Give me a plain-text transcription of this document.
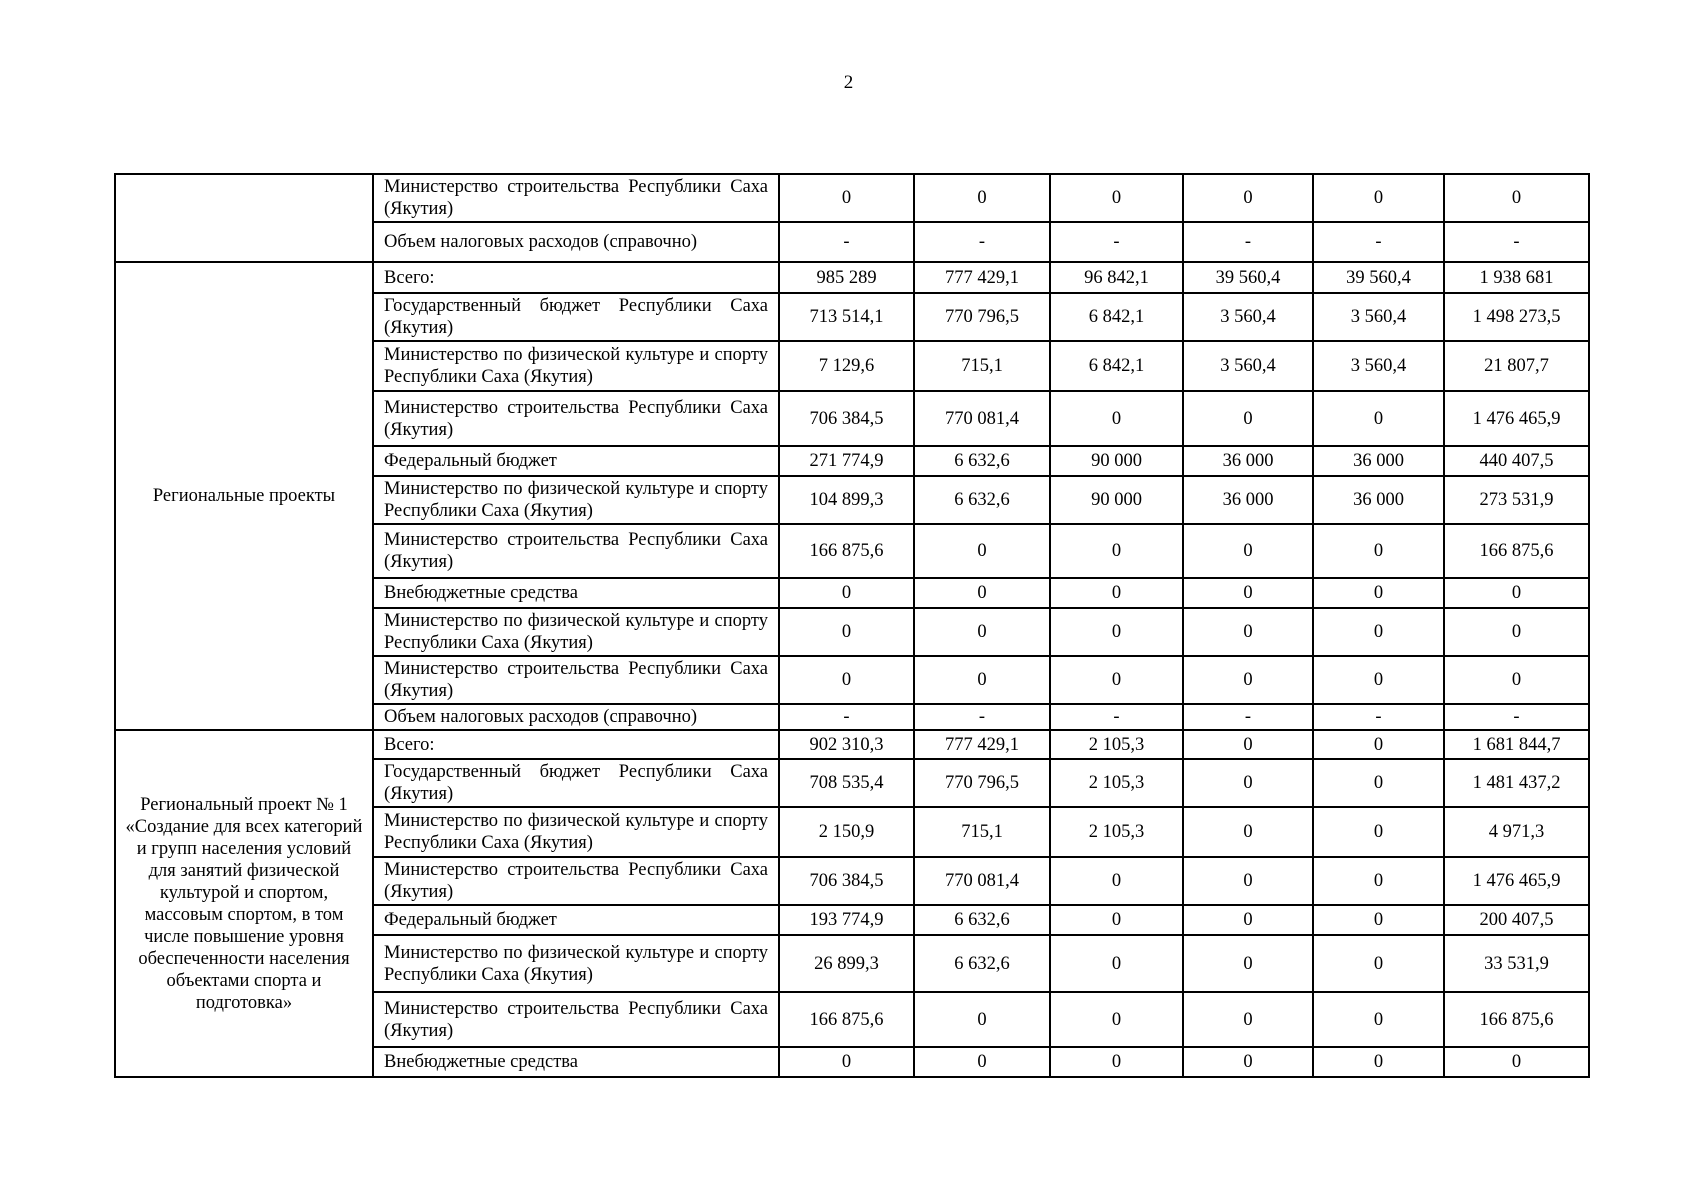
2
	Министерство строительства Республики Саха (Якутия)	0	0	0	0	0	0
	Объем налоговых расходов (справочно)	-	-	-	-	-	-
Региональные проекты	Всего:	985 289	777 429,1	96 842,1	39 560,4	39 560,4	1 938 681
	Государственный бюджет Республики Саха (Якутия)	713 514,1	770 796,5	6 842,1	3 560,4	3 560,4	1 498 273,5
	Министерство по физической культуре и спорту Республики Саха (Якутия)	7 129,6	715,1	6 842,1	3 560,4	3 560,4	21 807,7
	Министерство строительства Республики Саха (Якутия)	706 384,5	770 081,4	0	0	0	1 476 465,9
	Федеральный бюджет	271 774,9	6 632,6	90 000	36 000	36 000	440 407,5
	Министерство по физической культуре и спорту Республики Саха (Якутия)	104 899,3	6 632,6	90 000	36 000	36 000	273 531,9
	Министерство строительства Республики Саха (Якутия)	166 875,6	0	0	0	0	166 875,6
	Внебюджетные средства	0	0	0	0	0	0
	Министерство по физической культуре и спорту Республики Саха (Якутия)	0	0	0	0	0	0
	Министерство строительства Республики Саха (Якутия)	0	0	0	0	0	0
	Объем налоговых расходов (справочно)	-	-	-	-	-	-
Региональный проект № 1 «Создание для всех категорий и групп населения условий для занятий физической культурой и спортом, массовым спортом, в том числе повышение уровня обеспеченности населения объектами спорта и подготовка»	Всего:	902 310,3	777 429,1	2 105,3	0	0	1 681 844,7
	Государственный бюджет Республики Саха (Якутия)	708 535,4	770 796,5	2 105,3	0	0	1 481 437,2
	Министерство по физической культуре и спорту Республики Саха (Якутия)	2 150,9	715,1	2 105,3	0	0	4 971,3
	Министерство строительства Республики Саха (Якутия)	706 384,5	770 081,4	0	0	0	1 476 465,9
	Федеральный бюджет	193 774,9	6 632,6	0	0	0	200 407,5
	Министерство по физической культуре и спорту Республики Саха (Якутия)	26 899,3	6 632,6	0	0	0	33 531,9
	Министерство строительства Республики Саха (Якутия)	166 875,6	0	0	0	0	166 875,6
	Внебюджетные средства	0	0	0	0	0	0
